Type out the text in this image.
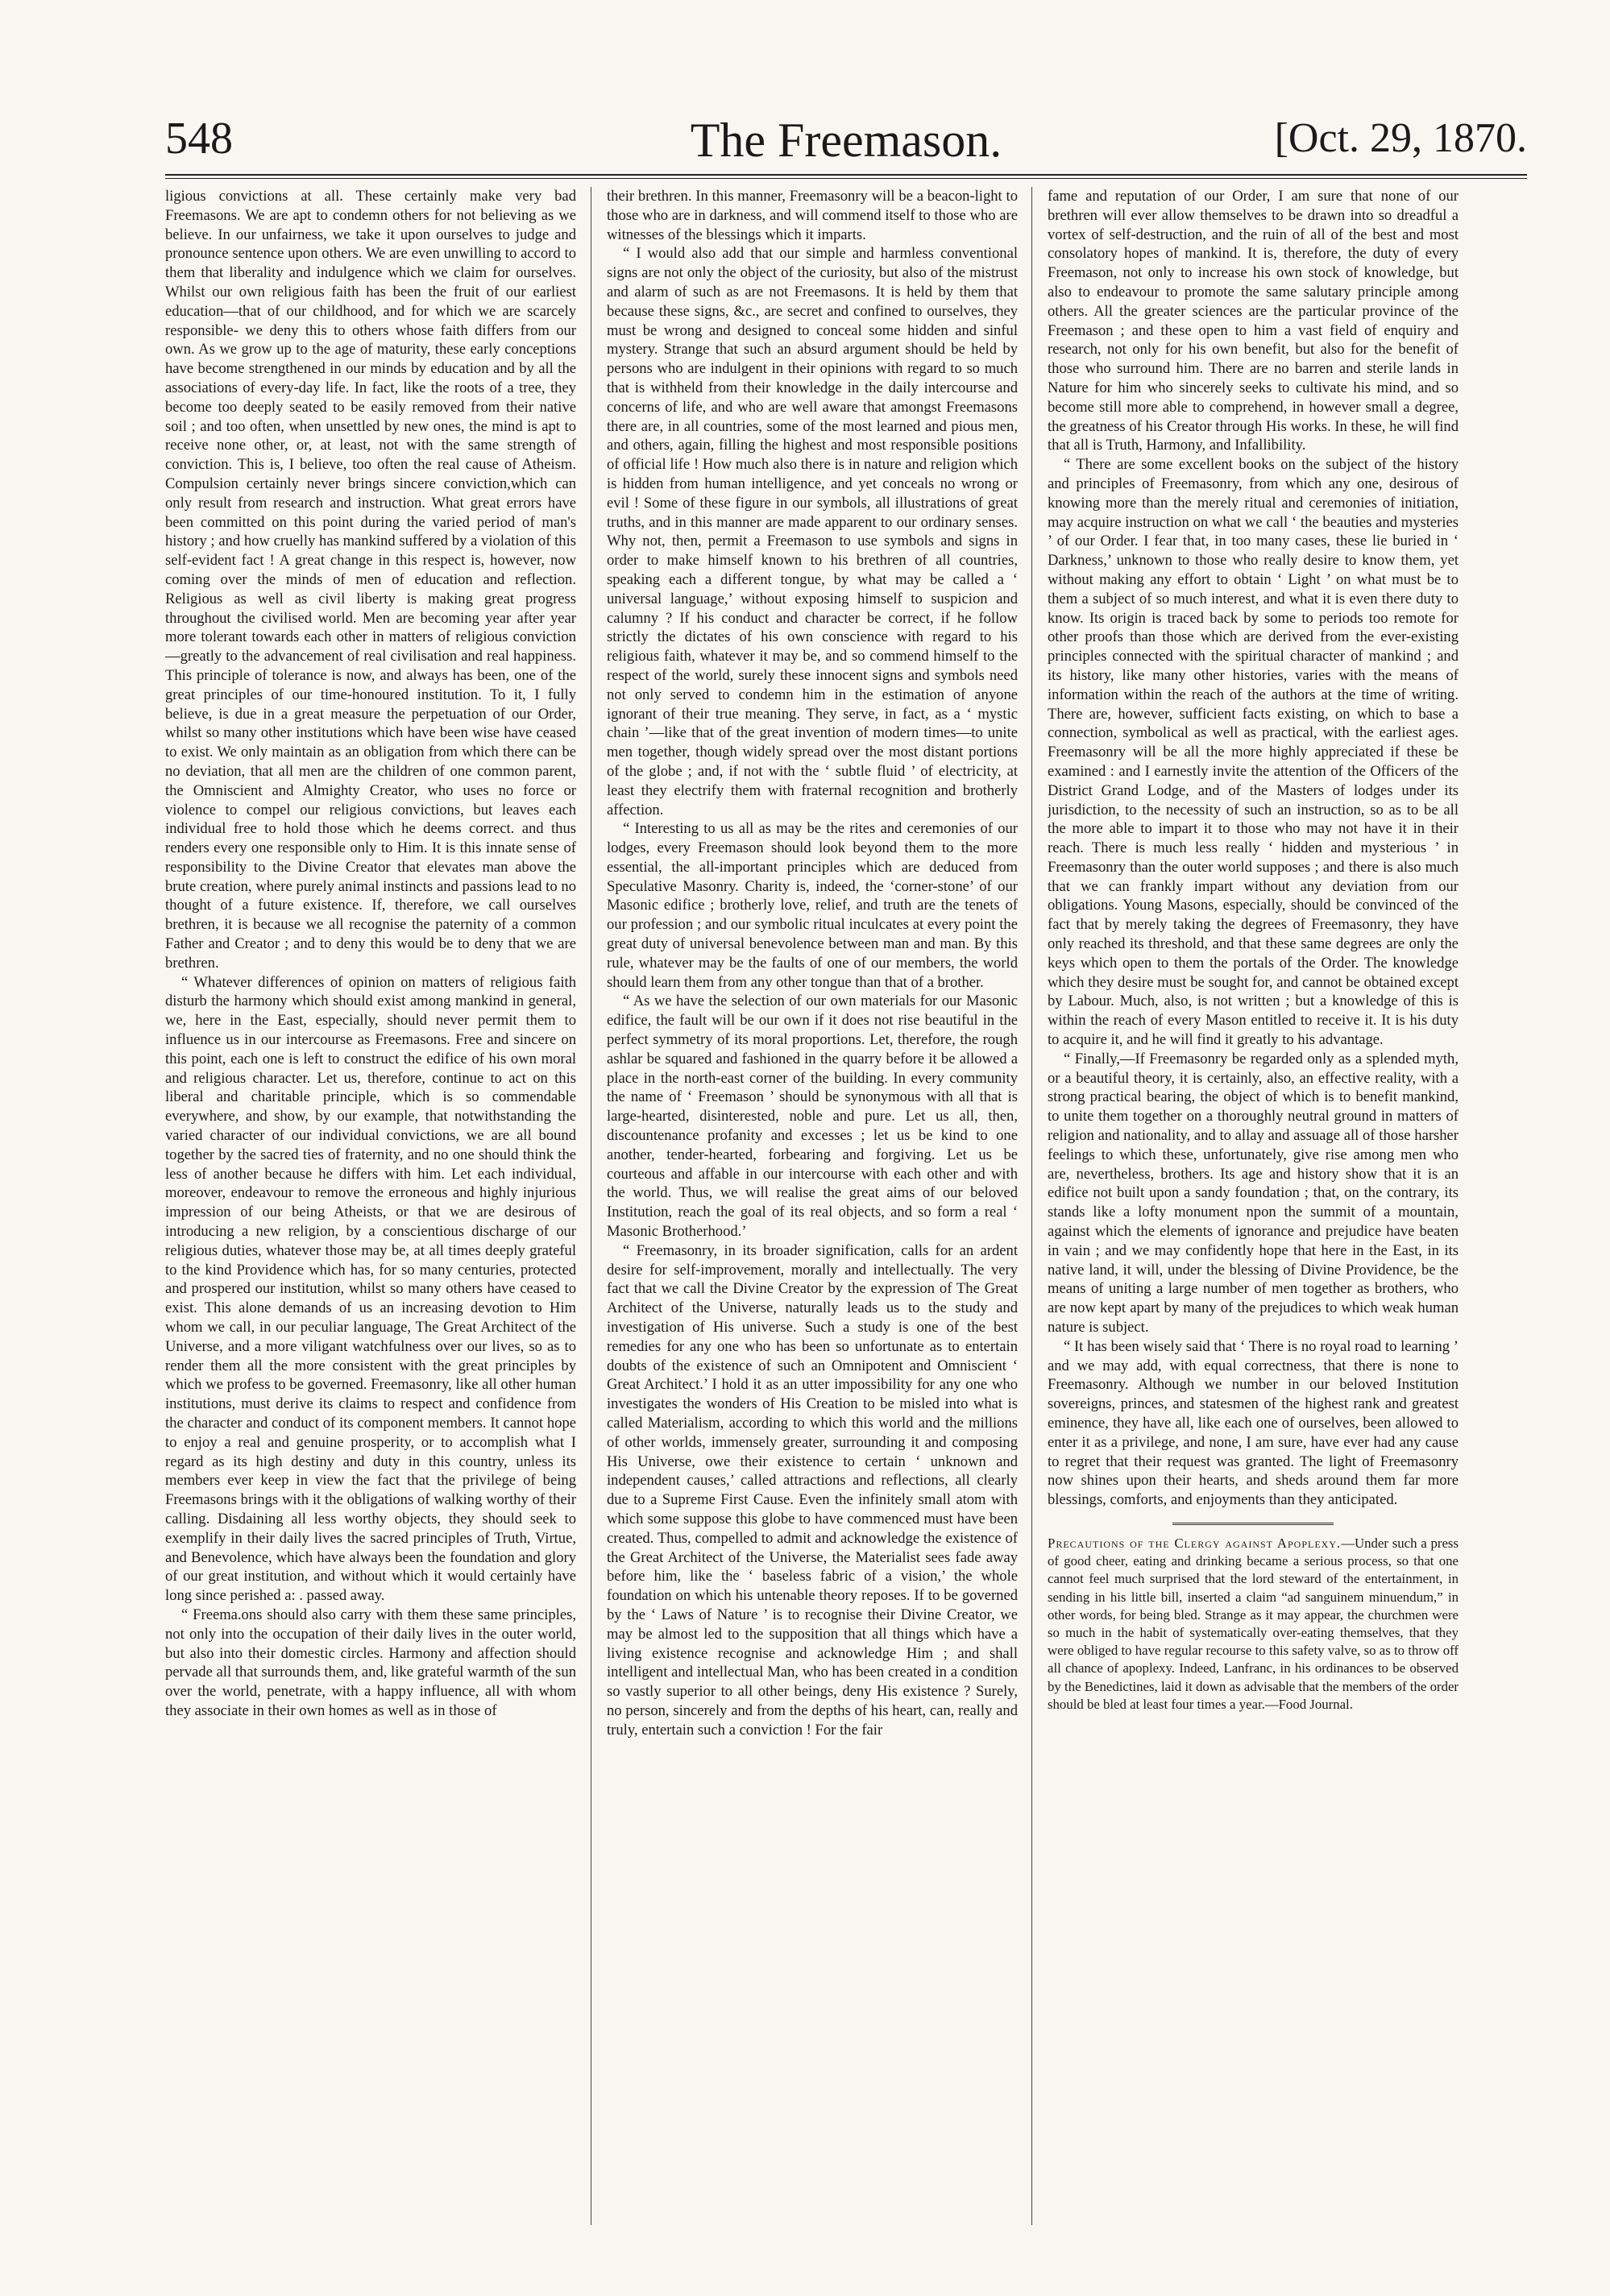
548	The Freemason.	[Oct. 29, 1870.

ligious convictions at all. These certainly make very bad Freemasons. We are apt to condemn others for not believing as we believe. In our unfairness, we take it upon ourselves to judge and pronounce sentence upon others. We are even unwilling to accord to them that liberality and indulgence which we claim for ourselves. Whilst our own religious faith has been the fruit of our earliest education—that of our childhood, and for which we are scarcely responsible- we deny this to others whose faith differs from our own. As we grow up to the age of maturity, these early conceptions have become strengthened in our minds by education and by all the associations of every-day life. In fact, like the roots of a tree, they become too deeply seated to be easily removed from their native soil ; and too often, when unsettled by new ones, the mind is apt to receive none other, or, at least, not with the same strength of conviction. This is, I believe, too often the real cause of Atheism. Compulsion certainly never brings sincere conviction,which can only result from research and instruction. What great errors have been committed on this point during the varied period of man's history ; and how cruelly has mankind suffered by a violation of this self-evident fact ! A great change in this respect is, however, now coming over the minds of men of education and reflection. Religious as well as civil liberty is making great progress throughout the civilised world. Men are becoming year after year more tolerant towards each other in matters of religious conviction—greatly to the advancement of real civilisation and real happiness. This principle of tolerance is now, and always has been, one of the great principles of our time-honoured institution. To it, I fully believe, is due in a great measure the perpetuation of our Order, whilst so many other institutions which have been wise have ceased to exist. We only maintain as an obligation from which there can be no deviation, that all men are the children of one common parent, the Omniscient and Almighty Creator, who uses no force or violence to compel our religious convictions, but leaves each individual free to hold those which he deems correct. and thus renders every one responsible only to Him. It is this innate sense of responsibility to the Divine Creator that elevates man above the brute creation, where purely animal instincts and passions lead to no thought of a future existence. If, therefore, we call ourselves brethren, it is because we all recognise the paternity of a common Father and Creator ; and to deny this would be to deny that we are brethren.

“ Whatever differences of opinion on matters of religious faith disturb the harmony which should exist among mankind in general, we, here in the East, especially, should never permit them to influence us in our intercourse as Freemasons. Free and sincere on this point, each one is left to construct the edifice of his own moral and religious character. Let us, therefore, continue to act on this liberal and charitable principle, which is so commendable everywhere, and show, by our example, that notwithstanding the varied character of our individual convictions, we are all bound together by the sacred ties of fraternity, and no one should think the less of another because he differs with him. Let each individual, moreover, endeavour to remove the erroneous and highly injurious impression of our being Atheists, or that we are desirous of introducing a new religion, by a conscientious discharge of our religious duties, whatever those may be, at all times deeply grateful to the kind Providence which has, for so many centuries, protected and prospered our institution, whilst so many others have ceased to exist. This alone demands of us an increasing devotion to Him whom we call, in our peculiar language, The Great Architect of the Universe, and a more viligant watchfulness over our lives, so as to render them all the more consistent with the great principles by which we profess to be governed. Freemasonry, like all other human institutions, must derive its claims to respect and confidence from the character and conduct of its component members. It cannot hope to enjoy a real and genuine prosperity, or to accomplish what I regard as its high destiny and duty in this country, unless its members ever keep in view the fact that the privilege of being Freemasons brings with it the obligations of walking worthy of their calling. Disdaining all less worthy objects, they should seek to exemplify in their daily lives the sacred principles of Truth, Virtue, and Benevolence, which have always been the foundation and glory of our great institution, and without which it would certainly have long since perished a: . passed away.

“ Freema.ons should also carry with them these same principles, not only into the occupation of their daily lives in the outer world, but also into their domestic circles. Harmony and affection should pervade all that surrounds them, and, like grateful warmth of the sun over the world, penetrate, with a happy influence, all with whom they associate in their own homes as well as in those of

their brethren. In this manner, Freemasonry will be a beacon-light to those who are in darkness, and will commend itself to those who are witnesses of the blessings which it imparts.

“ I would also add that our simple and harmless conventional signs are not only the object of the curiosity, but also of the mistrust and alarm of such as are not Freemasons. It is held by them that because these signs, &c., are secret and confined to ourselves, they must be wrong and designed to conceal some hidden and sinful mystery. Strange that such an absurd argument should be held by persons who are indulgent in their opinions with regard to so much that is withheld from their knowledge in the daily intercourse and concerns of life, and who are well aware that amongst Freemasons there are, in all countries, some of the most learned and pious men, and others, again, filling the highest and most responsible positions of official life ! How much also there is in nature and religion which is hidden from human intelligence, and yet conceals no wrong or evil ! Some of these figure in our symbols, all illustrations of great truths, and in this manner are made apparent to our ordinary senses. Why not, then, permit a Freemason to use symbols and signs in order to make himself known to his brethren of all countries, speaking each a different tongue, by what may be called a ‘ universal language,’ without exposing himself to suspicion and calumny ? If his conduct and character be correct, if he follow strictly the dictates of his own conscience with regard to his religious faith, whatever it may be, and so commend himself to the respect of the world, surely these innocent signs and symbols need not only served to condemn him in the estimation of anyone ignorant of their true meaning. They serve, in fact, as a ‘ mystic chain ’—like that of the great invention of modern times—to unite men together, though widely spread over the most distant portions of the globe ; and, if not with the ‘ subtle fluid ’ of electricity, at least they electrify them with fraternal recognition and brotherly affection.

“ Interesting to us all as may be the rites and ceremonies of our lodges, every Freemason should look beyond them to the more essential, the all-important principles which are deduced from Speculative Masonry. Charity is, indeed, the ‘corner-stone’ of our Masonic edifice ; brotherly love, relief, and truth are the tenets of our profession ; and our symbolic ritual inculcates at every point the great duty of universal benevolence between man and man. By this rule, whatever may be the faults of one of our members, the world should learn them from any other tongue than that of a brother.

“ As we have the selection of our own materials for our Masonic edifice, the fault will be our own if it does not rise beautiful in the perfect symmetry of its moral proportions. Let, therefore, the rough ashlar be squared and fashioned in the quarry before it be allowed a place in the north-east corner of the building. In every community the name of ‘ Freemason ’ should be synonymous with all that is large-hearted, disinterested, noble and pure. Let us all, then, discountenance profanity and excesses ; let us be kind to one another, tender-hearted, forbearing and forgiving. Let us be courteous and affable in our intercourse with each other and with the world. Thus, we will realise the great aims of our beloved Institution, reach the goal of its real objects, and so form a real ‘ Masonic Brotherhood.’

“ Freemasonry, in its broader signification, calls for an ardent desire for self-improvement, morally and intellectually. The very fact that we call the Divine Creator by the expression of The Great Architect of the Universe, naturally leads us to the study and investigation of His universe. Such a study is one of the best remedies for any one who has been so unfortunate as to entertain doubts of the existence of such an Omnipotent and Omniscient ‘ Great Architect.’ I hold it as an utter impossibility for any one who investigates the wonders of His Creation to be misled into what is called Materialism, according to which this world and the millions of other worlds, immensely greater, surrounding it and composing His Universe, owe their existence to certain ‘ unknown and independent causes,’ called attractions and reflections, all clearly due to a Supreme First Cause. Even the infinitely small atom with which some suppose this globe to have commenced must have been created. Thus, compelled to admit and acknowledge the existence of the Great Architect of the Universe, the Materialist sees fade away before him, like the ‘ baseless fabric of a vision,’ the whole foundation on which his untenable theory reposes. If to be governed by the ‘ Laws of Nature ’ is to recognise their Divine Creator, we may be almost led to the supposition that all things which have a living existence recognise and acknowledge Him ; and shall intelligent and intellectual Man, who has been created in a condition so vastly superior to all other beings, deny His existence ? Surely, no person, sincerely and from the depths of his heart, can, really and truly, entertain such a conviction ! For the fair

fame and reputation of our Order, I am sure that none of our brethren will ever allow themselves to be drawn into so dreadful a vortex of self-destruction, and the ruin of all of the best and most consolatory hopes of mankind. It is, therefore, the duty of every Freemason, not only to increase his own stock of knowledge, but also to endeavour to promote the same salutary principle among others. All the greater sciences are the particular province of the Freemason ; and these open to him a vast field of enquiry and research, not only for his own benefit, but also for the benefit of those who surround him. There are no barren and sterile lands in Nature for him who sincerely seeks to cultivate his mind, and so become still more able to comprehend, in however small a degree, the greatness of his Creator through His works. In these, he will find that all is Truth, Harmony, and Infallibility.

“ There are some excellent books on the subject of the history and principles of Freemasonry, from which any one, desirous of knowing more than the merely ritual and ceremonies of initiation, may acquire instruction on what we call ‘ the beauties and mysteries ’ of our Order. I fear that, in too many cases, these lie buried in ‘ Darkness,’ unknown to those who really desire to know them, yet without making any effort to obtain ‘ Light ’ on what must be to them a subject of so much interest, and what it is even there duty to know. Its origin is traced back by some to periods too remote for other proofs than those which are derived from the ever-existing principles connected with the spiritual character of mankind ; and its history, like many other histories, varies with the means of information within the reach of the authors at the time of writing. There are, however, sufficient facts existing, on which to base a connection, symbolical as well as practical, with the earliest ages. Freemasonry will be all the more highly appreciated if these be examined : and I earnestly invite the attention of the Officers of the District Grand Lodge, and of the Masters of lodges under its jurisdiction, to the necessity of such an instruction, so as to be all the more able to impart it to those who may not have it in their reach. There is much less really ‘ hidden and mysterious ’ in Freemasonry than the outer world supposes ; and there is also much that we can frankly impart without any deviation from our obligations. Young Masons, especially, should be convinced of the fact that by merely taking the degrees of Freemasonry, they have only reached its threshold, and that these same degrees are only the keys which open to them the portals of the Order. The knowledge which they desire must be sought for, and cannot be obtained except by Labour. Much, also, is not written ; but a knowledge of this is within the reach of every Mason entitled to receive it. It is his duty to acquire it, and he will find it greatly to his advantage.

“ Finally,—If Freemasonry be regarded only as a splended myth, or a beautiful theory, it is certainly, also, an effective reality, with a strong practical bearing, the object of which is to benefit mankind, to unite them together on a thoroughly neutral ground in matters of religion and nationality, and to allay and assuage all of those harsher feelings to which these, unfortunately, give rise among men who are, nevertheless, brothers. Its age and history show that it is an edifice not built upon a sandy foundation ; that, on the contrary, its stands like a lofty monument npon the summit of a mountain, against which the elements of ignorance and prejudice have beaten in vain ; and we may confidently hope that here in the East, in its native land, it will, under the blessing of Divine Providence, be the means of uniting a large number of men together as brothers, who are now kept apart by many of the prejudices to which weak human nature is subject.

“ It has been wisely said that ‘ There is no royal road to learning ’ and we may add, with equal correctness, that there is none to Freemasonry. Although we number in our beloved Institution sovereigns, princes, and statesmen of the highest rank and greatest eminence, they have all, like each one of ourselves, been allowed to enter it as a privilege, and none, I am sure, have ever had any cause to regret that their request was granted. The light of Freemasonry now shines upon their hearts, and sheds around them far more blessings, comforts, and enjoyments than they anticipated.

Precautions of the Clergy against Apoplexy.—Under such a press of good cheer, eating and drinking became a serious process, so that one cannot feel much surprised that the lord steward of the entertainment, in sending in his little bill, inserted a claim “ad sanguinem minuendum,” in other words, for being bled. Strange as it may appear, the churchmen were so much in the habit of systematically over-eating themselves, that they were obliged to have regular recourse to this safety valve, so as to throw off all chance of apoplexy. Indeed, Lanfranc, in his ordinances to be observed by the Benedictines, laid it down as advisable that the members of the order should be bled at least four times a year.—Food Journal.
